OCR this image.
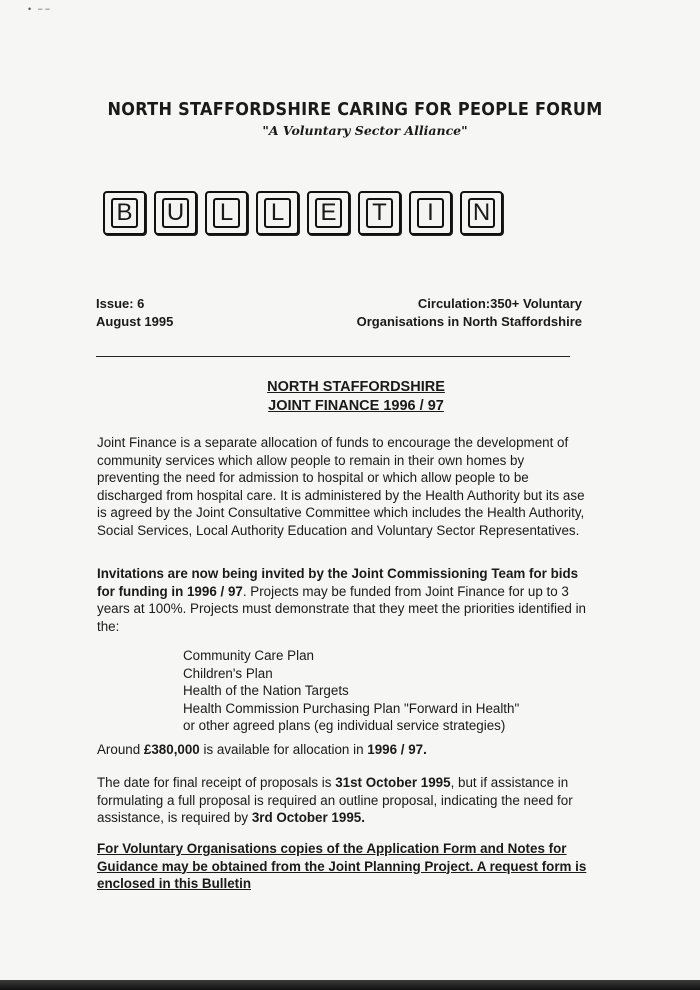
• −−
NORTH STAFFORDSHIRE CARING FOR PEOPLE FORUM
"A Voluntary Sector Alliance"
B U L L E T	I	N
Issue: 6
August 1995
Circulation:350+ Voluntary
Organisations in North Staffordshire
NORTH STAFFORDSHIRE
JOINT FINANCE 1996 / 97
Joint Finance is a separate allocation of funds to encourage the development of community services which allow people to remain in their own homes by preventing the need for admission to hospital or which allow people to be discharged from hospital care. It is administered by the Health Authority but its ase is agreed by the Joint Consultative Committee which includes the Health Authority, Social Services, Local Authority Education and Voluntary Sector Representatives.
Invitations are now being invited by the Joint Commissioning Team for bids for funding in 1996 / 97. Projects may be funded from Joint Finance for up to 3 years at 100%. Projects must demonstrate that they meet the priorities identified in the:
Community Care Plan
Children's Plan
Health of the Nation Targets
Health Commission Purchasing Plan "Forward in Health"
or other agreed plans (eg individual service strategies)
Around £380,000 is available for allocation in 1996 / 97.
The date for final receipt of proposals is 31st October 1995, but if assistance in formulating a full proposal is required an outline proposal, indicating the need for assistance, is required by 3rd October 1995.
For Voluntary Organisations copies of the Application Form and Notes for Guidance may be obtained from the Joint Planning Project. A request form is enclosed in this Bulletin
